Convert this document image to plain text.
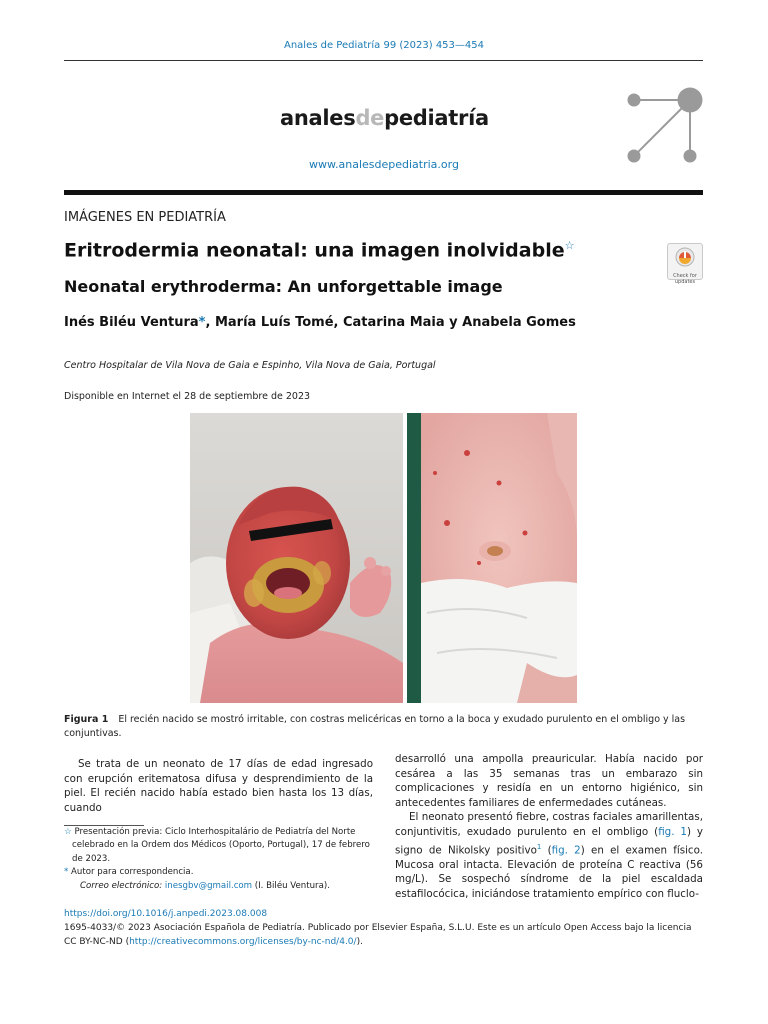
Anales de Pediatría 99 (2023) 453—454
analesdepediatría
www.analesdepediatria.org
IMÁGENES EN PEDIATRÍA
Eritrodermia neonatal: una imagen inolvidable☆
Neonatal erythroderma: An unforgettable image
Check for updates
Inés Biléu Ventura*, María Luís Tomé, Catarina Maia y Anabela Gomes
Centro Hospitalar de Vila Nova de Gaia e Espinho, Vila Nova de Gaia, Portugal
Disponible en Internet el 28 de septiembre de 2023
Figura 1 El recién nacido se mostró irritable, con costras melicéricas en torno a la boca y exudado purulento en el ombligo y las conjuntivas.

Se trata de un neonato de 17 días de edad ingresado con erupción eritematosa difusa y desprendimiento de la piel. El recién nacido había estado bien hasta los 13 días, cuando

desarrolló una ampolla preauricular. Había nacido por cesárea a las 35 semanas tras un embarazo sin complicaciones y residía en un entorno higiénico, sin antecedentes familiares de enfermedades cutáneas.

El neonato presentó fiebre, costras faciales amarillentas, conjuntivitis, exudado purulento en el ombligo (fig. 1) y signo de Nikolsky positivo$^1$ (fig. 2) en el examen físico. Mucosa oral intacta. Elevación de proteína C reactiva (56 mg/L). Se sospechó síndrome de la piel escaldada estafilocócica, iniciándose tratamiento empírico con fluclo-

☆ Presentación previa: Ciclo Interhospitalário de Pediatría del Norte celebrado en la Ordem dos Médicos (Oporto, Portugal), 17 de febrero de 2023.
* Autor para correspondencia.
Correo electrónico: inesgbv@gmail.com (I. Biléu Ventura).
https://doi.org/10.1016/j.anpedi.2023.08.008
1695-4033/© 2023 Asociación Española de Pediatría. Publicado por Elsevier España, S.L.U. Este es un artículo Open Access bajo la licencia CC BY-NC-ND (http://creativecommons.org/licenses/by-nc-nd/4.0/).
